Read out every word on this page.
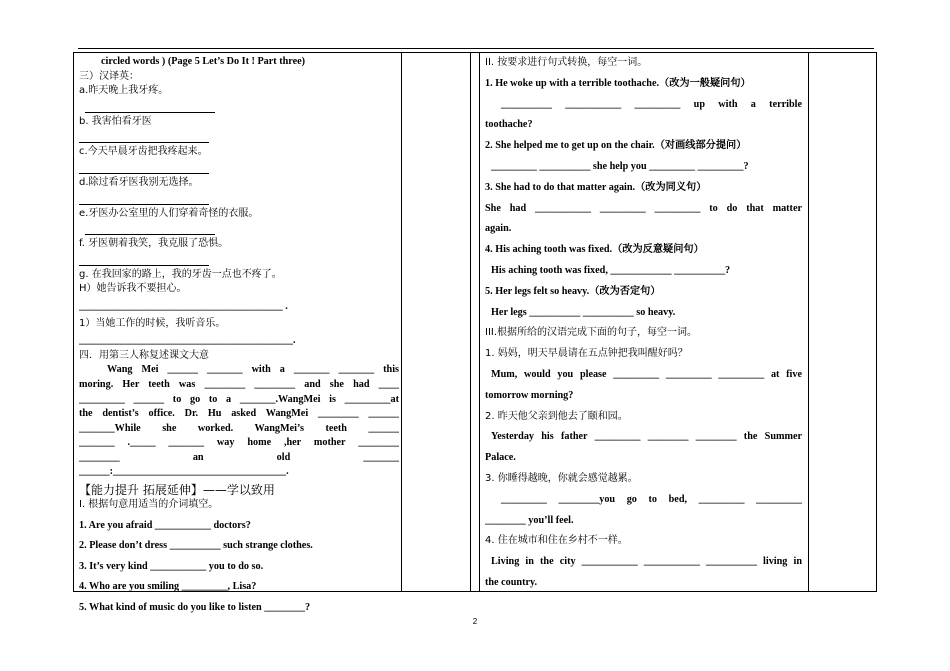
circled words ) (Page 5 Let’s Do It ! Part three)
三）汉译英：
a.昨天晚上我牙疼。
b. 我害怕看牙医
c.今天早晨牙齿把我疼起来。
d.除过看牙医我别无选择。
e.牙医办公室里的人们穿着奇怪的衣服。
f. 牙医朝着我笑，我克服了恐惧。
g. 在我回家的路上，我的牙齿一点也不疼了。
H）她告诉我不要担心。
________________________________________ .
1）当她工作的时候，我听音乐。
__________________________________________.
四．用第三人称复述课文大意
Wang Mei ______ _______ with a _______ _______ this
moring. Her teeth was ________ ________ and she had ____
_________ ______ to go to a _______.WangMei is _________at
the dentist’s office. Dr. Hu asked WangMei ________ ______
_______While she worked. WangMei’s teeth ______
_______ ._____ _______ way home ,her mother ________
________ an old _______
______:__________________________________.
【能力提升 拓展延伸】——学以致用
I. 根据句意用适当的介词填空。
1. Are you afraid ___________ doctors?
2. Please don’t dress __________ such strange clothes.
3. It’s very kind ___________ you to do so.
4. Who are you smiling _________, Lisa?
5. What kind of music do you like to listen ________?
II. 按要求进行句式转换，每空一词。
1. He woke up with a terrible toothache.（改为一般疑问句）
__________ ___________ _________ up with a terrible
toothache?
2. She helped me to get up on the chair.（对画线部分提问）
_________ __________ she help you _________ _________?
3. She had to do that matter again.（改为同义句）
She had ___________ _________ _________ to do that matter
again.
4. His aching tooth was fixed.（改为反意疑问句）
His aching tooth was fixed, ____________ __________?
5. Her legs felt so heavy.（改为否定句）
Her legs __________ __________ so heavy.
III.根据所给的汉语完成下面的句子，每空一词。
1. 妈妈，明天早晨请在五点钟把我叫醒好吗？
Mum, would you please _________ _________ _________ at five
tomorrow morning?
2. 昨天他父亲到他去了颐和园。
Yesterday his father _________ ________ ________ the Summer
Palace.
3. 你睡得越晚，你就会感觉越累。
_________ ________you go to bed, _________ _________
________ you’ll feel.
4. 住在城市和住在乡村不一样。
Living in the city ___________ ___________ __________ living in
the country.
2
